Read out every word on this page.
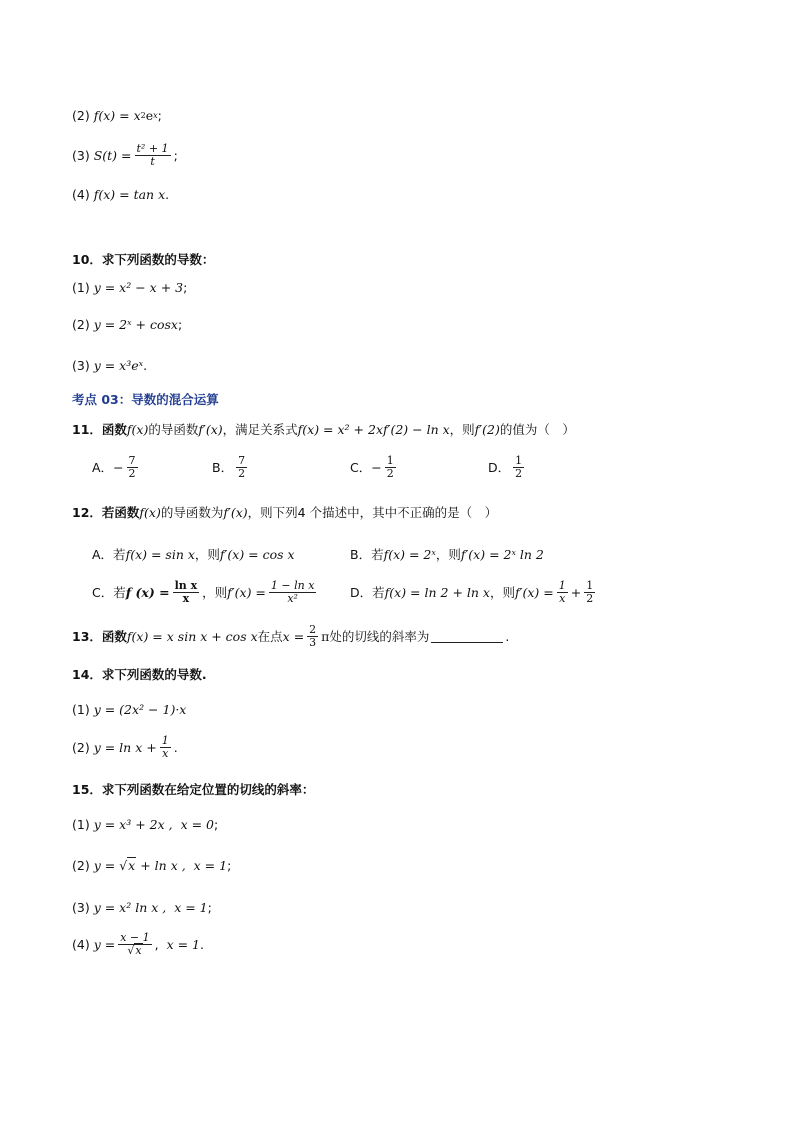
(2)
f (x) = x 2 e x ;
(3)
S $(t) = \frac{\text{t² + 1}}{t}$ ;
(4)
f (x) = tan x .
10．求下列函数的导数：
(1)
y = x² − x + 3 ;
(2)
y = 2ˣ + cosx ;
(3)
y = x³eˣ .
考点 03：导数的混合运算
11．函数 f(x) 的导函数 f′(x) ，满足关系式 f(x) = x² + 2xf′(2) − ln x ，则 f′(2) 的值为（　）
A． − $\frac{7}{2}$	B． $\frac{7}{2}$	C． − $\frac{1}{2}$	D． $\frac{1}{2}$
12．若函数 f(x) 的导函数为 f′(x) ，则下列4 个描述中，其中不正确的是（　）
A．若 f(x) = sin x ，则 f′(x) = cos x	B．若 f(x) = 2ˣ ，则 f′(x) = 2ˣ ln 2
C．若 f $(x) = \frac{\text{ln x}}{x}$ ，则 $f'(x) = \frac{\text{1 − ln x}}{\text{x²}}$	D．若 f(x) = ln 2 + ln x ，则 $f'(x) = \frac{1}{x} + \frac{1}{2}$
13．函数 f(x) = x sin x + cos x 在点 $x = \frac{2}{3}$ π 处的切线的斜率为	.
14．求下列函数的导数.
(1)
y = (2x² − 1)·x
(2)
$y = \ln x + \frac{1}{x}$ .
15．求下列函数在给定位置的切线的斜率：
(1)
y = x³ + 2x ,
x = 0 ;
(2)
y =
√ x
+ ln x ,
x = 1 ;
(3)
y = x² ln x ,
x = 1 ;
(4)
$y = \frac{x - 1}{√x}$ , x = 1 .
